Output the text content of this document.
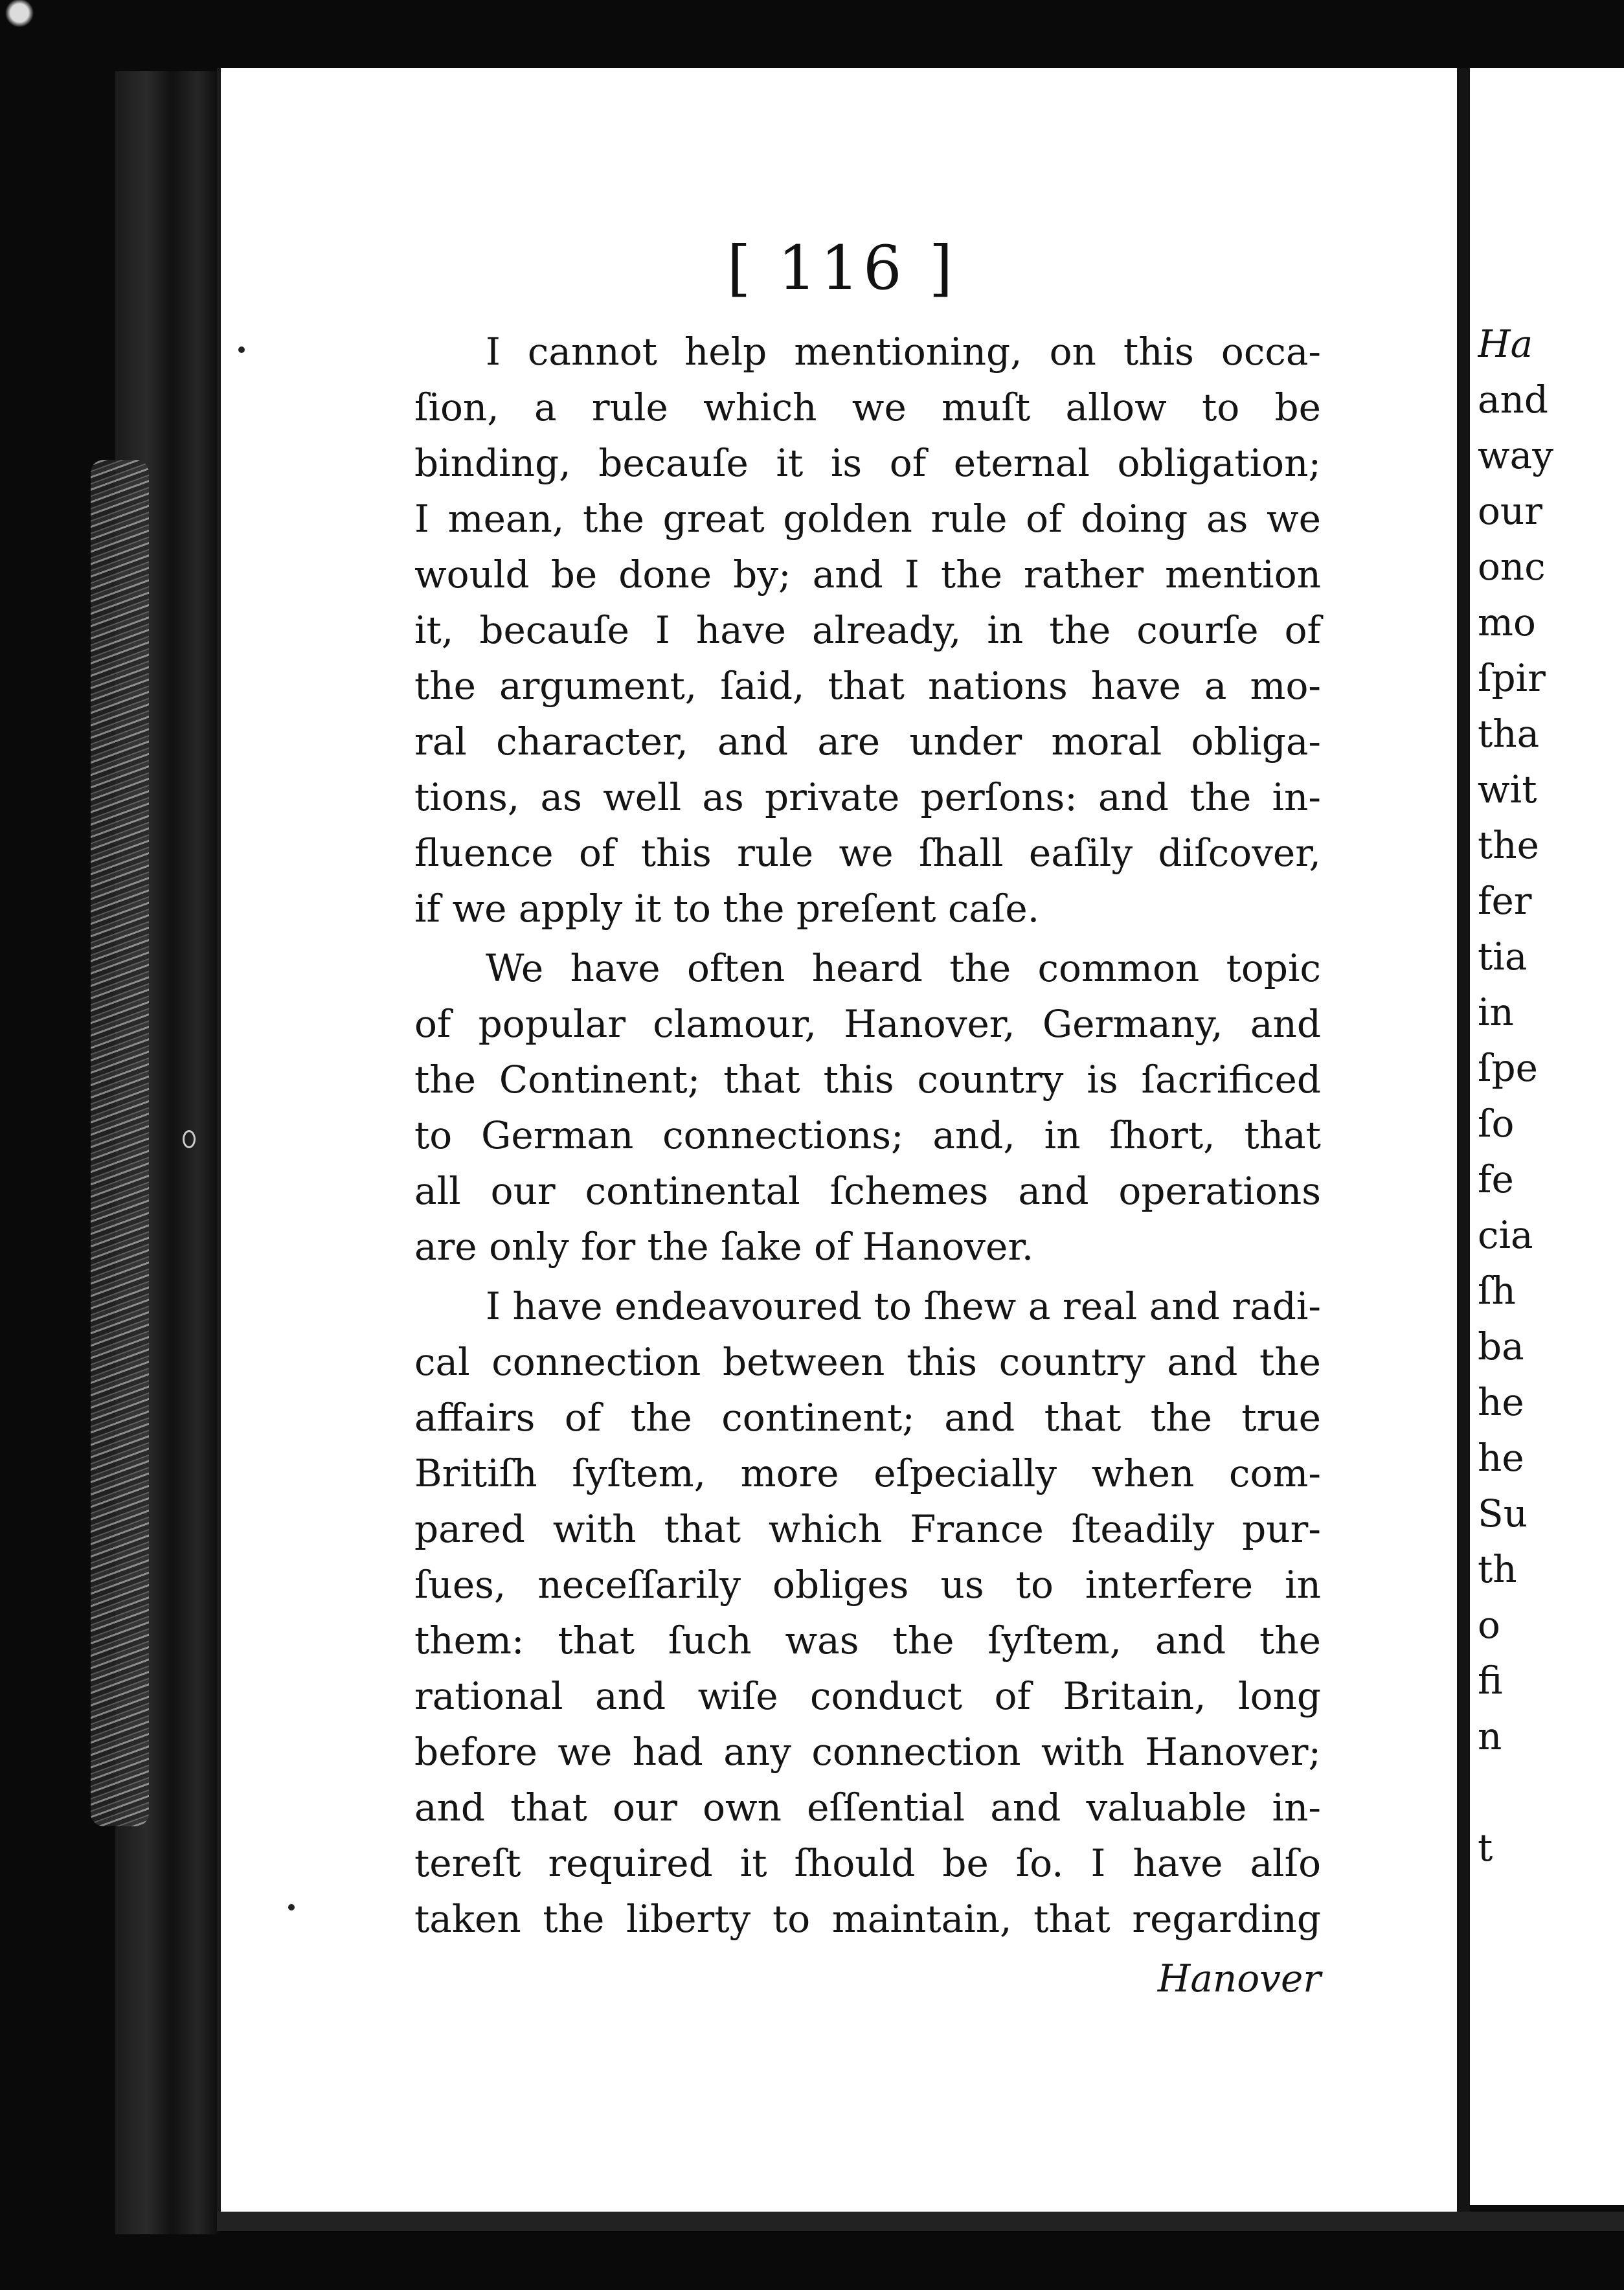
[ 116 ]
I cannot help mentioning, on this occa-
ſion, a rule which we muſt allow to be
binding, becauſe it is of eternal obligation;
I mean, the great golden rule of doing as we
would be done by; and I the rather mention
it, becauſe I have already, in the courſe of
the argument, ſaid, that nations have a mo-
ral character, and are under moral obliga-
tions, as well as private perſons: and the in-
fluence of this rule we ſhall eaſily diſcover,
if we apply it to the preſent caſe.
We have often heard the common topic
of popular clamour, Hanover, Germany, and
the Continent; that this country is ſacrificed
to German connections; and, in ſhort, that
all our continental ſchemes and operations
are only for the ſake of Hanover.
I have endeavoured to ſhew a real and radi-
cal connection between this country and the
affairs of the continent; and that the true
Britiſh ſyſtem, more eſpecially when com-
pared with that which France ſteadily pur-
ſues, neceſſarily obliges us to interfere in
them: that ſuch was the ſyſtem, and the
rational and wiſe conduct of Britain, long
before we had any connection with Hanover;
and that our own eſſential and valuable in-
tereſt required it ſhould be ſo. I have alſo
taken the liberty to maintain, that regarding
Hanover
Ha
and
way
our
onc
mo
ſpir
tha
wit
the
fer
tia
in
ſpe
ſo
fe
cia
ſh
ba
he
he
Su
th
o
fi
n
t
